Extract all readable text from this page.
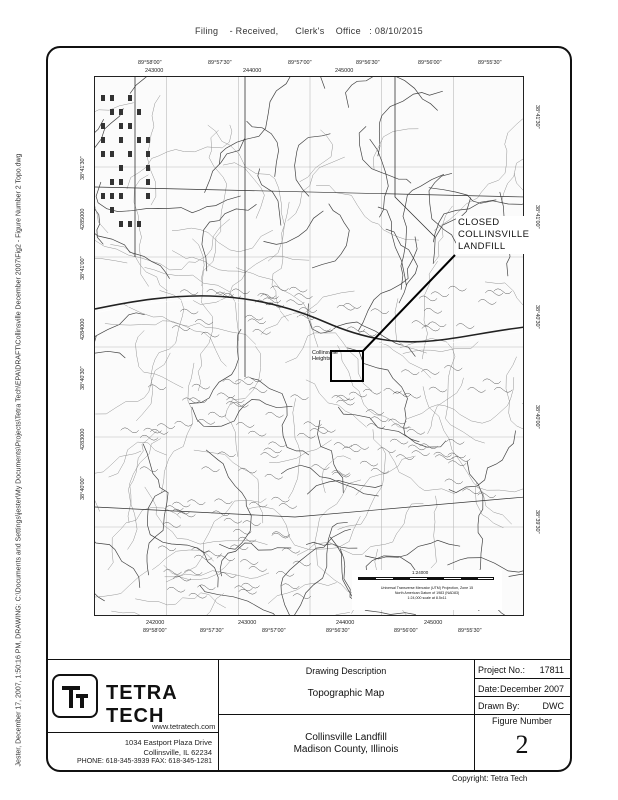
Filing - Received, Clerk's Office : 08/10/2015
Jester, December 17, 2007, 1:50:16 PM, DRAWING: C:\Documents and Settings\jester\My Documents\Projects\Tetra Tech\EPA\DRAFT\Collinsville December 2007\Fig2 - Figure Number 2 Topo.dwg
89°58'00"	89°57'30"	89°57'00"	89°56'30"	89°56'00"	89°55'30"
243000	244000	245000
242000	243000	244000	245000
89°58'00"	89°57'30"	89°57'00"	89°56'30"	89°56'00"	89°55'30"
38°41'30"
4285000
38°41'00"
4284000
38°40'30"
4283000
38°40'00"
38°41'30"
38°41'00"
38°40'30"
38°40'00"
38°39'30"
CLOSED
COLLINSVILLE
LANDFILL
Collinsville
Heights
1:24000
Universal Transverse Mercator (UTM) Projection, Zone 15
North American Datum of 1983 (NAD83)
1:24,000 scale at 8.5x11
TETRA TECH
www.tetratech.com
1034 Eastport Plaza Drive
Collinsville, IL 62234
PHONE: 618-345-3939 FAX: 618-345-1281
Drawing Description
Topographic Map
Collinsville Landfill
Madison County, Illinois
Project No.: 17811
Date: December 2007
Drawn By:	DWC
Figure Number
2
Copyright: Tetra Tech
